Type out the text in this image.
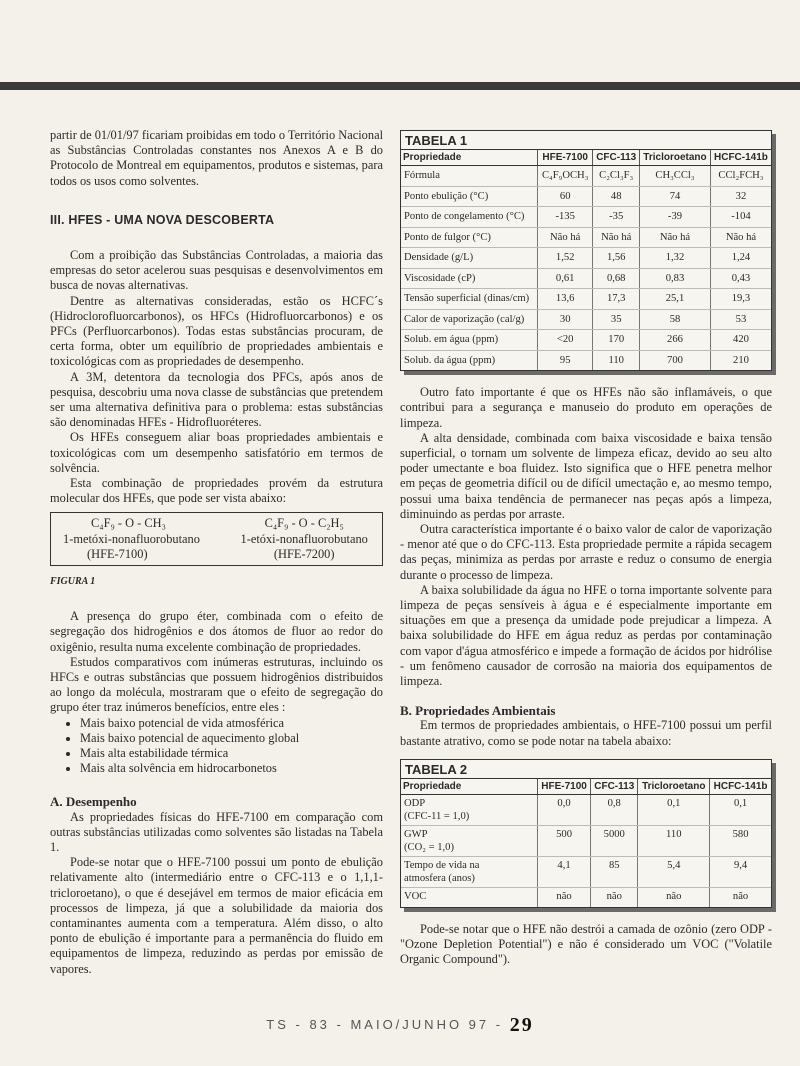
partir de 01/01/97 ficariam proibidas em todo o Território Nacional as Substâncias Controladas constantes nos Anexos A e B do Protocolo de Montreal em equipamentos, produtos e sistemas, para todos os usos como solventes.

III. HFES - UMA NOVA DESCOBERTA

Com a proibição das Substâncias Controladas, a maioria das empresas do setor acelerou suas pesquisas e desenvolvimentos em busca de novas alternativas.

Dentre as alternativas consideradas, estão os HCFC´s (Hidroclorofluorcarbonos), os HFCs (Hidrofluorcarbonos) e os PFCs (Perfluorcarbonos). Todas estas substâncias procuram, de certa forma, obter um equilíbrio de propriedades ambientais e toxicológicas com as propriedades de desempenho.

A 3M, detentora da tecnologia dos PFCs, após anos de pesquisa, descobriu uma nova classe de substâncias que pretendem ser uma alternativa definitiva para o problema: estas substâncias são denominadas HFEs - Hidrofluoréteres.

Os HFEs conseguem aliar boas propriedades ambientais e toxicológicas com um desempenho satisfatório em termos de solvência.

Esta combinação de propriedades provém da estrutura molecular dos HFEs, que pode ser vista abaixo:

C₄F₉ - O - CH₃
1-metóxi-nonafluorobutano
(HFE-7100)
C₄F₉ - O - C₂H₅
1-etóxi-nonafluorobutano
(HFE-7200)
FIGURA 1

A presença do grupo éter, combinada com o efeito de segregação dos hidrogênios e dos átomos de fluor ao redor do oxigênio, resulta numa excelente combinação de propriedades.

Estudos comparativos com inúmeras estruturas, incluindo os HFCs e outras substâncias que possuem hidrogênios distribuidos ao longo da molécula, mostraram que o efeito de segregação do grupo éter traz inúmeros benefícios, entre eles :

• Mais baixo potencial de vida atmosférica
• Mais baixo potencial de aquecimento global
• Mais alta estabilidade térmica
• Mais alta solvência em hidrocarbonetos

A. Desempenho

As propriedades físicas do HFE-7100 em comparação com outras substâncias utilizadas como solventes são listadas na Tabela 1.

Pode-se notar que o HFE-7100 possui um ponto de ebulição relativamente alto (intermediário entre o CFC-113 e o 1,1,1-tricloroetano), o que é desejável em termos de maior eficácia em processos de limpeza, já que a solubilidade da maioria dos contaminantes aumenta com a temperatura. Além disso, o alto ponto de ebulição é importante para a permanência do fluido em equipamentos de limpeza, reduzindo as perdas por emissão de vapores.

TABELA 1
Propriedade	HFE-7100	CFC-113	Tricloroetano	HCFC-141b
Fórmula	C₄F₉OCH₃	C₂Cl₃F₃	CH₃CCl₃	CCl₂FCH₃
Ponto ebulição (°C)	60	48	74	32
Ponto de congelamento (°C)	-135	-35	-39	-104
Ponto de fulgor (°C)	Não há	Não há	Não há	Não há
Densidade (g/L)	1,52	1,56	1,32	1,24
Viscosidade (cP)	0,61	0,68	0,83	0,43
Tensão superficial (dinas/cm)	13,6	17,3	25,1	19,3
Calor de vaporização (cal/g)	30	35	58	53
Solub. em água (ppm)	<20	170	266	420
Solub. da água (ppm)	95	110	700	210

Outro fato importante é que os HFEs não são inflamáveis, o que contribui para a segurança e manuseio do produto em operações de limpeza.

A alta densidade, combinada com baixa viscosidade e baixa tensão superficial, o tornam um solvente de limpeza eficaz, devido ao seu alto poder umectante e boa fluidez. Isto significa que o HFE penetra melhor em peças de geometria difícil ou de difícil umectação e, ao mesmo tempo, possui uma baixa tendência de permanecer nas peças após a limpeza, diminuindo as perdas por arraste.

Outra característica importante é o baixo valor de calor de vaporização - menor até que o do CFC-113. Esta propriedade permite a rápida secagem das peças, minimiza as perdas por arraste e reduz o consumo de energia durante o processo de limpeza.

A baixa solubilidade da água no HFE o torna importante solvente para limpeza de peças sensíveis à água e é especialmente importante em situações em que a presença da umidade pode prejudicar a limpeza. A baixa solubilidade do HFE em água reduz as perdas por contaminação com vapor d'água atmosférico e impede a formação de ácidos por hidrólise - um fenômeno causador de corrosão na maioria dos equipamentos de limpeza.

B. Propriedades Ambientais

Em termos de propriedades ambientais, o HFE-7100 possui um perfil bastante atrativo, como se pode notar na tabela abaixo:

TABELA 2
Propriedade	HFE-7100	CFC-113	Tricloroetano	HCFC-141b

ODP
(CFC-11 = 1,0)	0,0	0,8	0,1	0,1

GWP
(CO₂ = 1,0)	500	5000	110	580

Tempo de vida na
atmosfera (anos)	4,1	85	5,4	9,4

VOC	não	não	não	não

Pode-se notar que o HFE não destrói a camada de ozônio (zero ODP - "Ozone Depletion Potential") e não é considerado um VOC ("Volatile Organic Compound").

TS - 83 - MAIO/JUNHO 97 - 29
